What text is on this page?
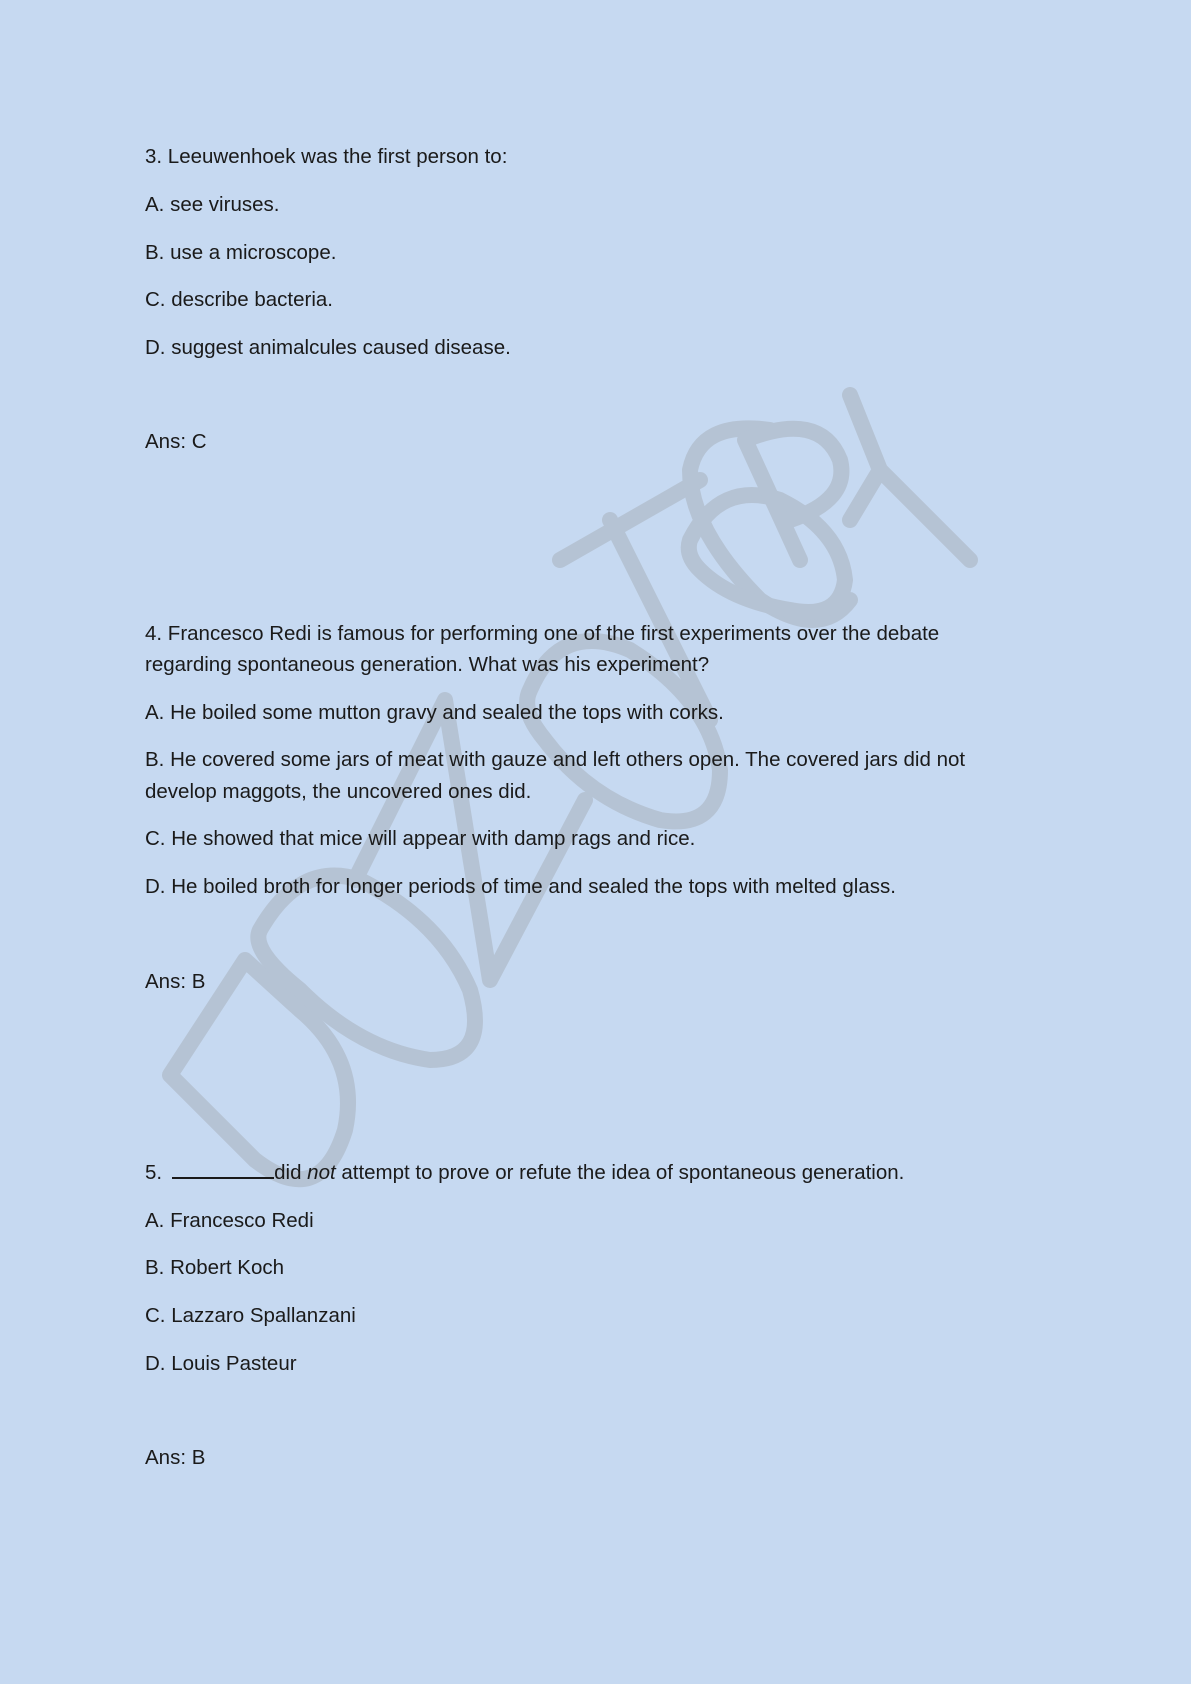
3. Leeuwenhoek was the first person to:
A. see viruses.
B. use a microscope.
C. describe bacteria.
D. suggest animalcules caused disease.
Ans: C
4. Francesco Redi is famous for performing one of the first experiments over the debate
regarding spontaneous generation. What was his experiment?
A. He boiled some mutton gravy and sealed the tops with corks.
B. He covered some jars of meat with gauze and left others open. The covered jars did not
develop maggots, the uncovered ones did.
C. He showed that mice will appear with damp rags and rice.
D. He boiled broth for longer periods of time and sealed the tops with melted glass.
Ans: B
5.	did not attempt to prove or refute the idea of spontaneous generation.
A. Francesco Redi
B. Robert Koch
C. Lazzaro Spallanzani
D. Louis Pasteur
Ans: B
